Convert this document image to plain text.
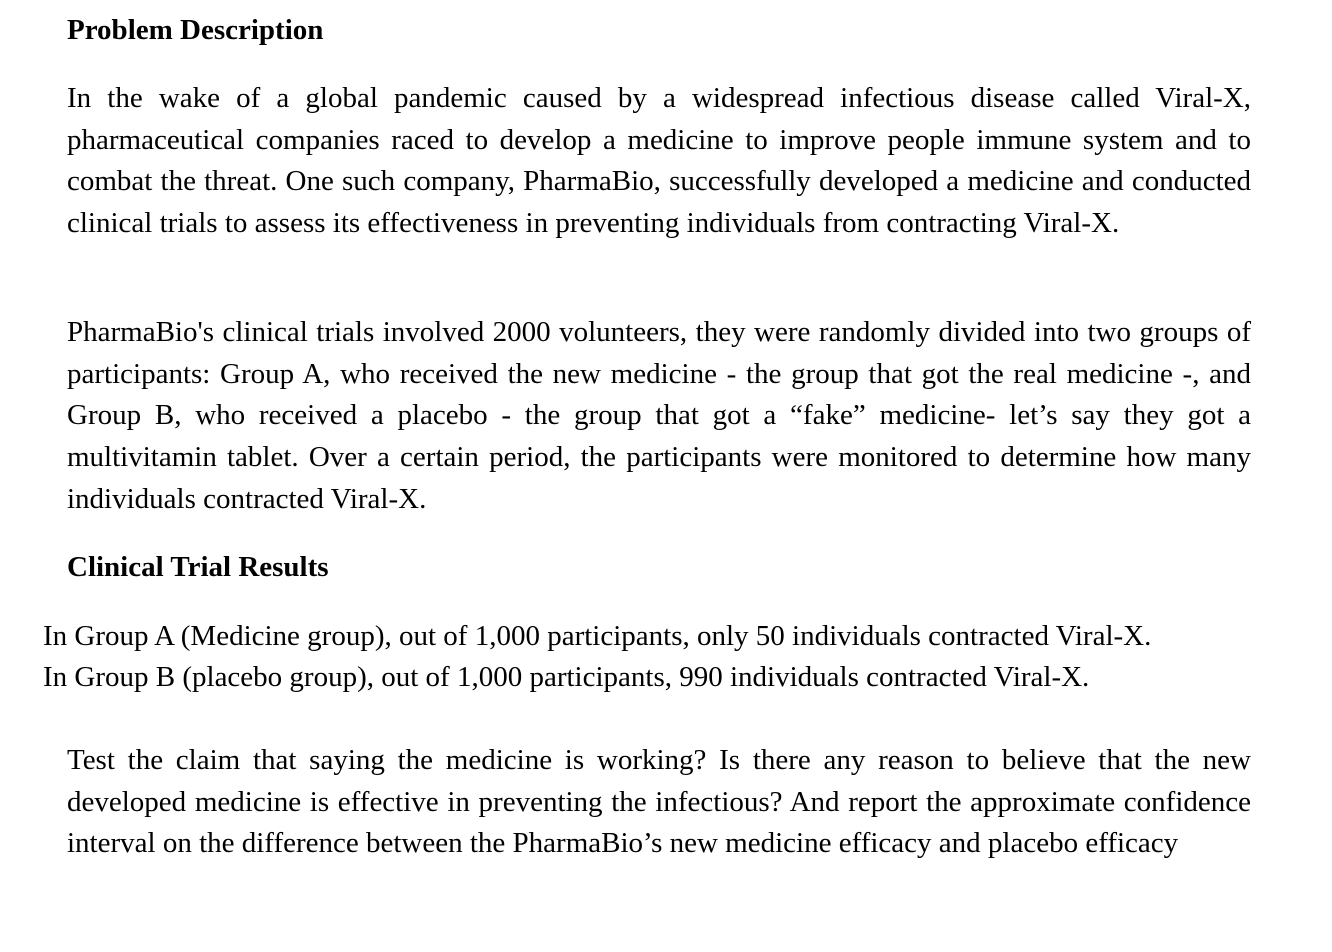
Problem Description

In the wake of a global pandemic caused by a widespread infectious disease called Viral-X, pharmaceutical companies raced to develop a medicine to improve people immune system and to combat the threat. One such company, PharmaBio, successfully developed a medicine and conducted clinical trials to assess its effectiveness in preventing individuals from contracting Viral-X.

PharmaBio's clinical trials involved 2000 volunteers, they were randomly divided into two groups of participants: Group A, who received the new medicine - the group that got the real medicine -, and Group B, who received a placebo - the group that got a “fake” medicine- let’s say they got a multivitamin tablet. Over a certain period, the participants were monitored to determine how many individuals contracted Viral-X.

Clinical Trial Results
In Group A (Medicine group), out of 1,000 participants, only 50 individuals contracted Viral-X.
In Group B (placebo group), out of 1,000 participants, 990 individuals contracted Viral-X.

Test the claim that saying the medicine is working? Is there any reason to believe that the new developed medicine is effective in preventing the infectious? And report the approximate confidence interval on the difference between the PharmaBio’s new medicine efficacy and placebo efficacy
